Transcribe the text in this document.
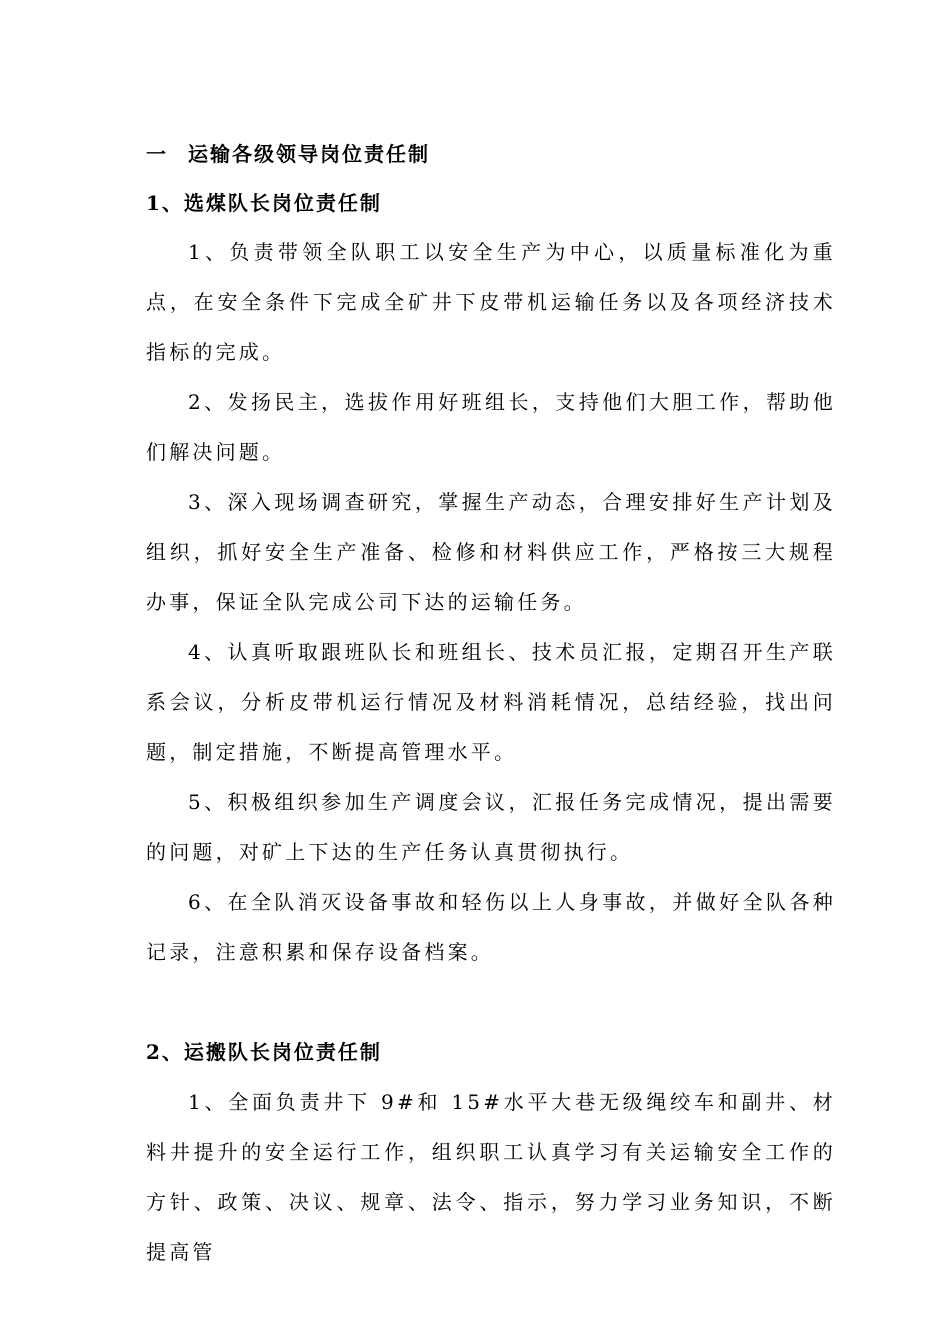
一 运输各级领导岗位责任制
1、选煤队长岗位责任制
1、负责带领全队职工以安全生产为中心，以质量标准化为重点，在安全条件下完成全矿井下皮带机运输任务以及各项经济技术指标的完成。
2、发扬民主，选拔作用好班组长，支持他们大胆工作，帮助他们解决问题。
3、深入现场调查研究，掌握生产动态，合理安排好生产计划及组织，抓好安全生产准备、检修和材料供应工作，严格按三大规程办事，保证全队完成公司下达的运输任务。
4、认真听取跟班队长和班组长、技术员汇报，定期召开生产联系会议，分析皮带机运行情况及材料消耗情况，总结经验，找出问题，制定措施，不断提高管理水平。
5、积极组织参加生产调度会议，汇报任务完成情况，提出需要的问题，对矿上下达的生产任务认真贯彻执行。
6、在全队消灭设备事故和轻伤以上人身事故，并做好全队各种记录，注意积累和保存设备档案。
2、运搬队长岗位责任制
1、全面负责井下 9#和 15#水平大巷无级绳绞车和副井、材料井提升的安全运行工作，组织职工认真学习有关运输安全工作的方针、政策、决议、规章、法令、指示，努力学习业务知识，不断提高管
